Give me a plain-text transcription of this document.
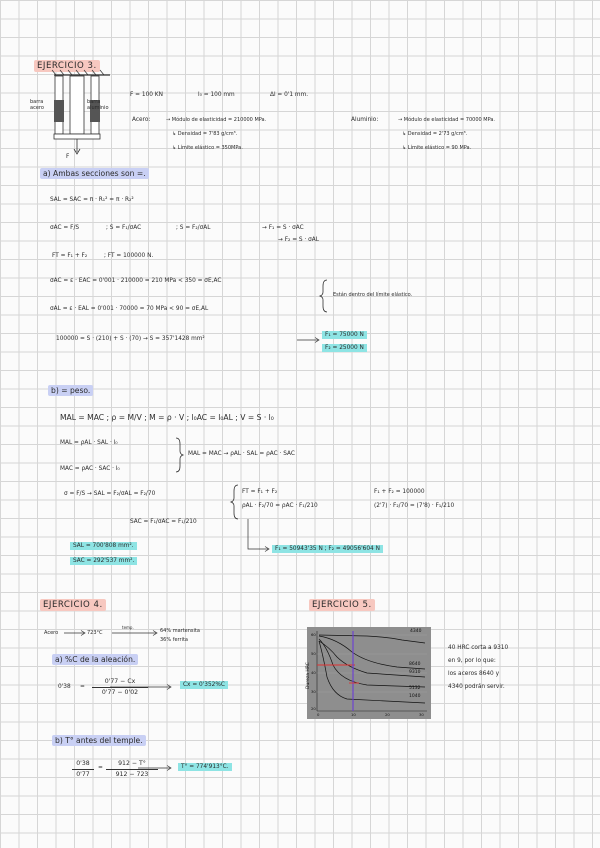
EJERCICIO 3.
barra
acero
barra
aluminio
F
F = 100 KN	l₀ = 100 mm	Δl = 0'1 mm.
Acero:	→ Módulo de elasticidad = 210000 MPa.
↳ Densidad = 7'83 g/cm³.
↳ Límite elástico = 350MPa.
Aluminio:	→ Módulo de elasticidad = 70000 MPa.
↳ Densidad = 2'73 g/cm³.
↳ Límite elástico = 90 MPa.
a) Ambas secciones son =.
SAL = SAC = π · R₁² = π · R₂²
σAC = F/S	; S = F₁/σAC	; S = F₂/σAL	→ F₁ = S · σAC
→ F₂ = S · σAL
FT = F₁ + F₂	; FT = 100000 N.
σAC = ε · EAC = 0'001 · 210000 = 210 MPa < 350 = σE,AC
σAL = ε · EAL = 0'001 · 70000 = 70 MPa < 90 = σE,AL
Están dentro del límite elástico.
100000 = S · (210) + S · (70) → S = 357'1428 mm²
F₁ = 75000 N
F₂ = 25000 N
b) = peso.
MAL = MAC ; ρ = M/V ; M = ρ · V ; l₀AC = l₀AL ; V = S · l₀
MAL = ρAL · SAL · l₀
MAC = ρAC · SAC · l₀
MAL = MAC → ρAL · SAL = ρAC · SAC
σ = F/S → SAL = F₂/σAL = F₂/70
SAC = F₁/σAC = F₁/210
FT = F₁ + F₂
ρAL · F₂/70 = ρAC · F₁/210
F₁ + F₂ = 100000
(2'7) · F₂/70 = (7'8) · F₁/210
SAL = 700'808 mm².
SAC = 292'537 mm².
F₁ = 50943'35 N ; F₂ = 49056'604 N
EJERCICIO 4.
Acero	723°C
temp.
64% martensita
36% ferrita
a) %C de la aleación.
$0'38 = \frac{0'77 - Cx}{0'77 - 0'02}$	Cx = 0'352%C
b) T° antes del temple.
$\frac{0'38}{0'77} = \frac{912 - T^\circ}{912 - 723}$	T° = 774'913°C.
EJERCICIO 5.
4340
8640
9310
5132
1040
Dureza HRC
60
50
40
30
20
0	10	20	30
40 HRC corta a 9310
en 9, por lo que:
los aceros 8640 y
4340 podrán servir.
